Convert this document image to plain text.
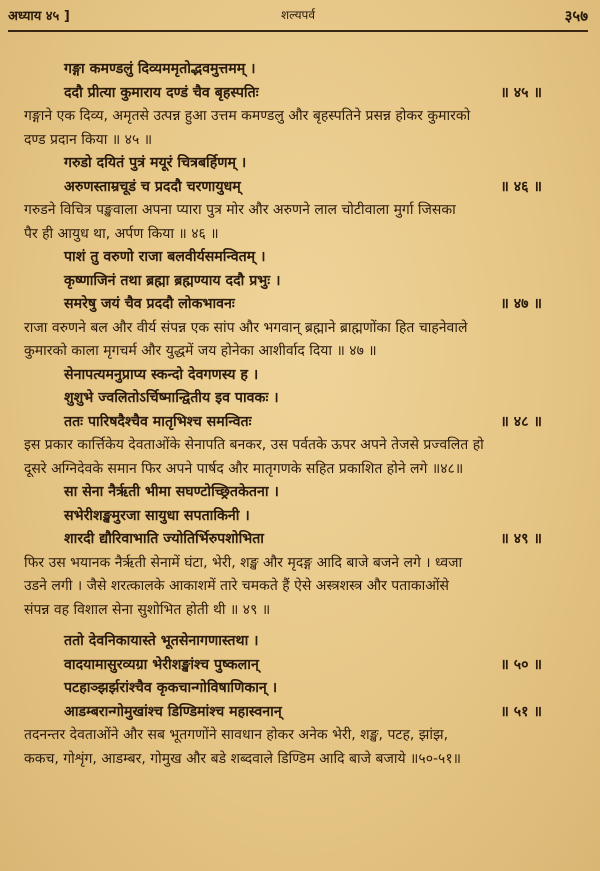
अध्याय ४५ ]	शल्यपर्व	३५७
गङ्गा कमण्डलुं दिव्यममृतोद्भवमुत्तमम् ।
ददौ प्रीत्या कुमाराय दण्डं चैव बृहस्पतिः	॥ ४५ ॥
गङ्गाने एक दिव्य, अमृतसे उत्पन्न हुआ उत्तम कमण्डलु और बृहस्पतिने प्रसन्न होकर कुमारको
दण्ड प्रदान किया ॥ ४५ ॥
गरुडो दयितं पुत्रं मयूरं चित्रबर्हिणम् ।
अरुणस्ताम्रचूडं च प्रददौ चरणायुधम्	॥ ४६ ॥
गरुडने विचित्र पङ्खवाला अपना प्यारा पुत्र मोर और अरुणने लाल चोटीवाला मुर्गा जिसका
पैर ही आयुध था, अर्पण किया ॥ ४६ ॥
पाशं तु वरुणो राजा बलवीर्यसमन्वितम् ।
कृष्णाजिनं तथा ब्रह्मा ब्रह्मण्याय ददौ प्रभुः ।
समरेषु जयं चैव प्रददौ लोकभावनः	॥ ४७ ॥
राजा वरुणने बल और वीर्य संपन्न एक सांप और भगवान् ब्रह्माने ब्राह्मणोंका हित चाहनेवाले
कुमारको काला मृगचर्म और युद्धमें जय होनेका आशीर्वाद दिया ॥ ४७ ॥
सेनापत्यमनुप्राप्य स्कन्दो देवगणस्य ह ।
शुशुभे ज्वलितोऽर्चिष्मान्द्वितीय इव पावकः ।
ततः पारिषदैश्चैव मातृभिश्च समन्वितः	॥ ४८ ॥
इस प्रकार कार्त्तिकेय देवताओंके सेनापति बनकर, उस पर्वतके ऊपर अपने तेजसे प्रज्वलित हो
दूसरे अग्निदेवके समान फिर अपने पार्षद और मातृगणके सहित प्रकाशित होने लगे ॥४८॥
सा सेना नैर्ऋती भीमा सघण्टोच्छ्रितकेतना ।
सभेरीशङ्खमुरजा सायुधा सपताकिनी ।
शारदी द्यौरिवाभाति ज्योतिर्भिरुपशोभिता	॥ ४९ ॥
फिर उस भयानक नैर्ऋती सेनामें घंटा, भेरी, शङ्ख और मृदङ्ग आदि बाजे बजने लगे । ध्वजा
उडने लगी । जैसे शरत्कालके आकाशमें तारे चमकते हैं ऐसे अस्त्रशस्त्र और पताकाओंसे
संपन्न वह विशाल सेना सुशोभित होती थी ॥ ४९ ॥
ततो देवनिकायास्ते भूतसेनागणास्तथा ।
वादयामासुरव्यग्रा भेरीशङ्खांश्च पुष्कलान्	॥ ५० ॥
पटहाञ्झर्झरांश्चैव कृकचान्गोविषाणिकान् ।
आडम्बरान्गोमुखांश्च डिण्डिमांश्च महास्वनान्	॥ ५१ ॥
तदनन्तर देवताओंने और सब भूतगणोंने सावधान होकर अनेक भेरी, शङ्ख, पटह, झांझ,
ककच, गोशृंग, आडम्बर, गोमुख और बडे शब्दवाले डिण्डिम आदि बाजे बजाये ॥५०-५१॥
